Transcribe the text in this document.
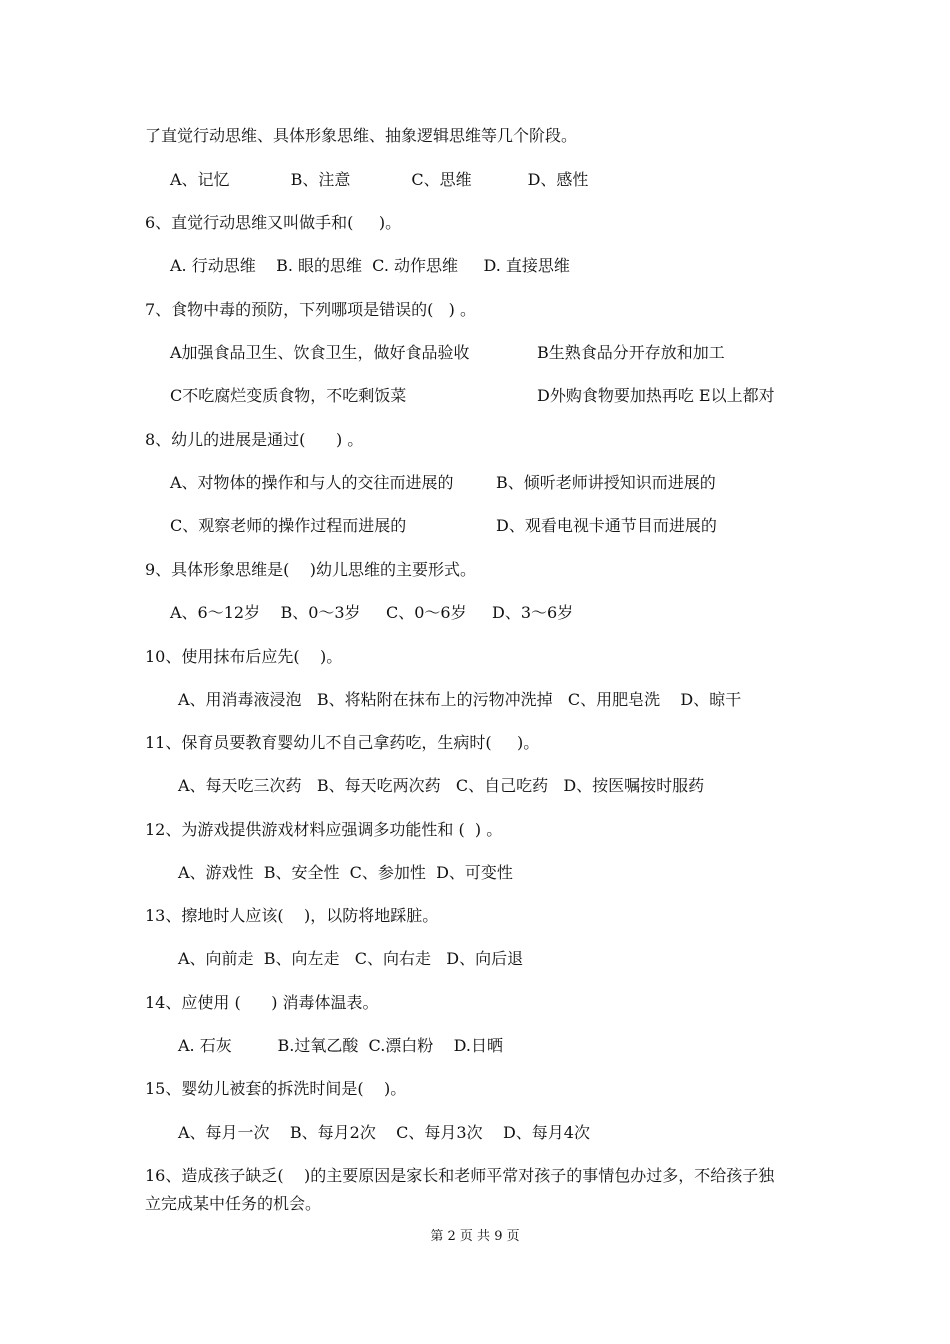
了直觉行动思维、具体形象思维、抽象逻辑思维等几个阶段。
A、记忆            B、注意            C、思维           D、感性
6、直觉行动思维又叫做手和(     )。
A. 行动思维    B. 眼的思维  C. 动作思维     D. 直接思维
7、食物中毒的预防，下列哪项是错误的(   ) 。
A加强食品卫生、饮食卫生，做好食品验收	B生熟食品分开存放和加工
C不吃腐烂变质食物，不吃剩饭菜	D外购食物要加热再吃 E以上都对
8、幼儿的进展是通过(      ) 。
A、对物体的操作和与人的交往而进展的	B、倾听老师讲授知识而进展的
C、观察老师的操作过程而进展的	D、观看电视卡通节目而进展的
9、具体形象思维是(    )幼儿思维的主要形式。
A、6～12岁    B、0～3岁     C、0～6岁     D、3～6岁
10、使用抹布后应先(    )。
A、用消毒液浸泡   B、将粘附在抹布上的污物冲洗掉   C、用肥皂洗    D、晾干
11、保育员要教育婴幼儿不自己拿药吃，生病时(     )。
A、每天吃三次药   B、每天吃两次药   C、自己吃药   D、按医嘱按时服药
12、为游戏提供游戏材料应强调多功能性和 (  ) 。
A、游戏性  B、安全性  C、参加性  D、可变性
13、擦地时人应该(    )，以防将地踩脏。
A、向前走  B、向左走   C、向右走   D、向后退
14、应使用 (      ) 消毒体温表。
A. 石灰         B.过氧乙酸  C.漂白粉    D.日晒
15、婴幼儿被套的拆洗时间是(    )。
A、每月一次    B、每月2次    C、每月3次    D、每月4次
16、造成孩子缺乏(    )的主要原因是家长和老师平常对孩子的事情包办过多，不给孩子独
立完成某中任务的机会。
第 2 页 共 9 页
